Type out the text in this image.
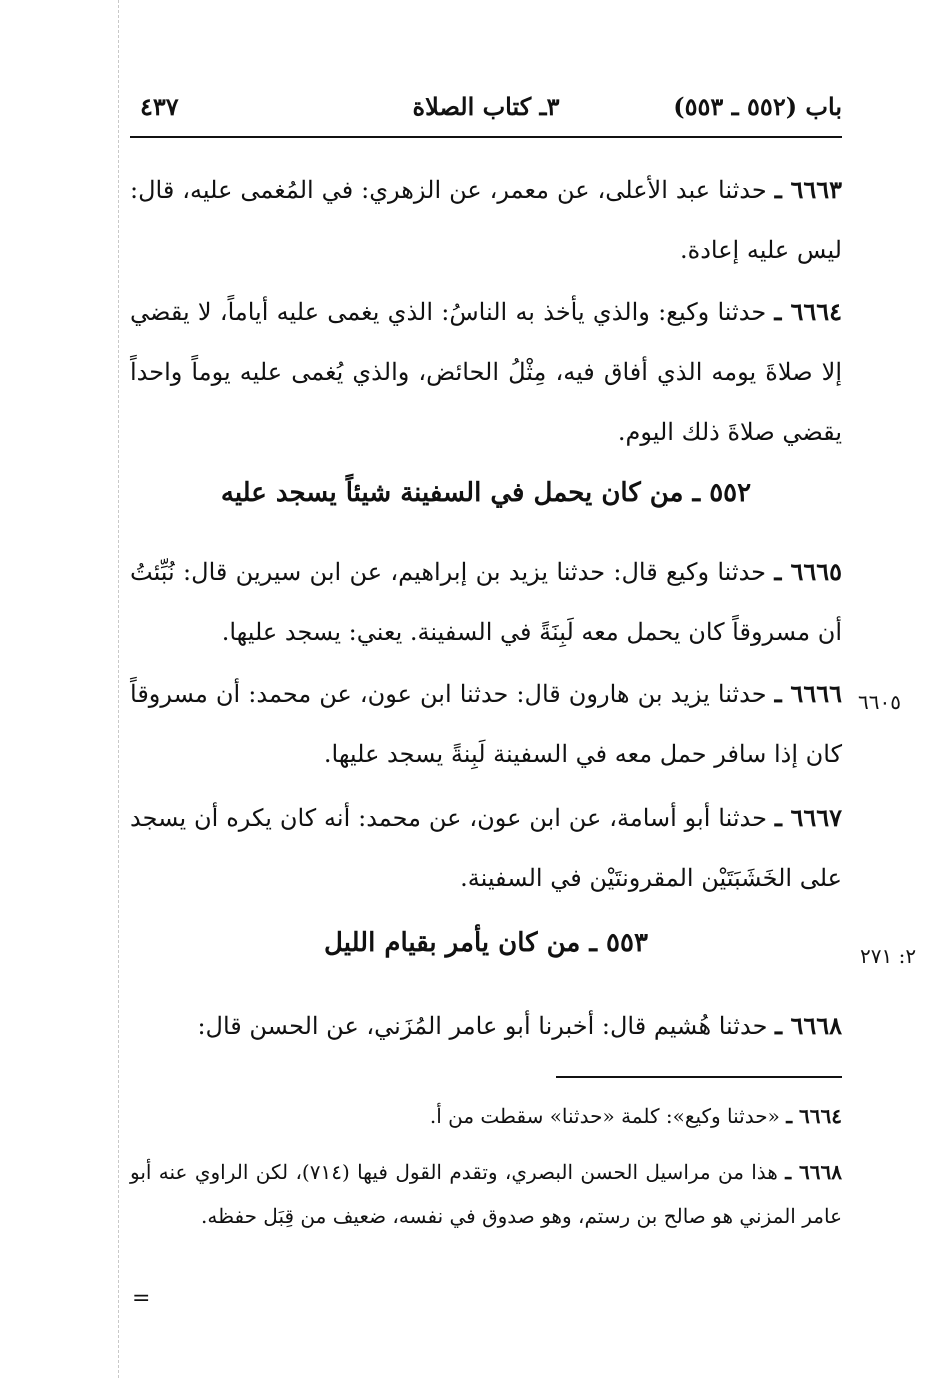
باب (٥٥٢ ـ ٥٥٣)
٣ـ كتاب الصلاة
٤٣٧

٦٦٦٣ ـ حدثنا عبد الأعلى، عن معمر، عن الزهري: في المُغمى عليه، قال: ليس عليه إعادة.

٦٦٦٤ ـ حدثنا وكيع: والذي يأخذ به الناسُ: الذي يغمى عليه أياماً، لا يقضي إلا صلاةَ يومه الذي أفاق فيه، مِثْلُ الحائض، والذي يُغمى عليه يوماً واحداً يقضي صلاةَ ذلك اليوم.

٥٥٢ ـ من كان يحمل في السفينة شيئاً يسجد عليه

٦٦٦٥ ـ حدثنا وكيع قال: حدثنا يزيد بن إبراهيم، عن ابن سيرين قال: نُبِّئتُ أن مسروقاً كان يحمل معه لَبِنَةً في السفينة. يعني: يسجد عليها.

٦٦٦٦ ـ حدثنا يزيد بن هارون قال: حدثنا ابن عون، عن محمد: أن مسروقاً كان إذا سافر حمل معه في السفينة لَبِنةً يسجد عليها.

٦٦٠٥

٦٦٦٧ ـ حدثنا أبو أسامة، عن ابن عون، عن محمد: أنه كان يكره أن يسجد على الخَشَبَتَيْن المقرونتَيْن في السفينة.

٥٥٣ ـ من كان يأمر بقيام الليل	٢: ٢٧١

٦٦٦٨ ـ حدثنا هُشيم قال: أخبرنا أبو عامر المُزَني، عن الحسن قال:

٦٦٦٤ ـ «حدثنا وكيع»: كلمة «حدثنا» سقطت من أ.

٦٦٦٨ ـ هذا من مراسيل الحسن البصري، وتقدم القول فيها (٧١٤)، لكن الراوي عنه أبو عامر المزني هو صالح بن رستم، وهو صدوق في نفسه، ضعيف من قِبَل حفظه.

=
